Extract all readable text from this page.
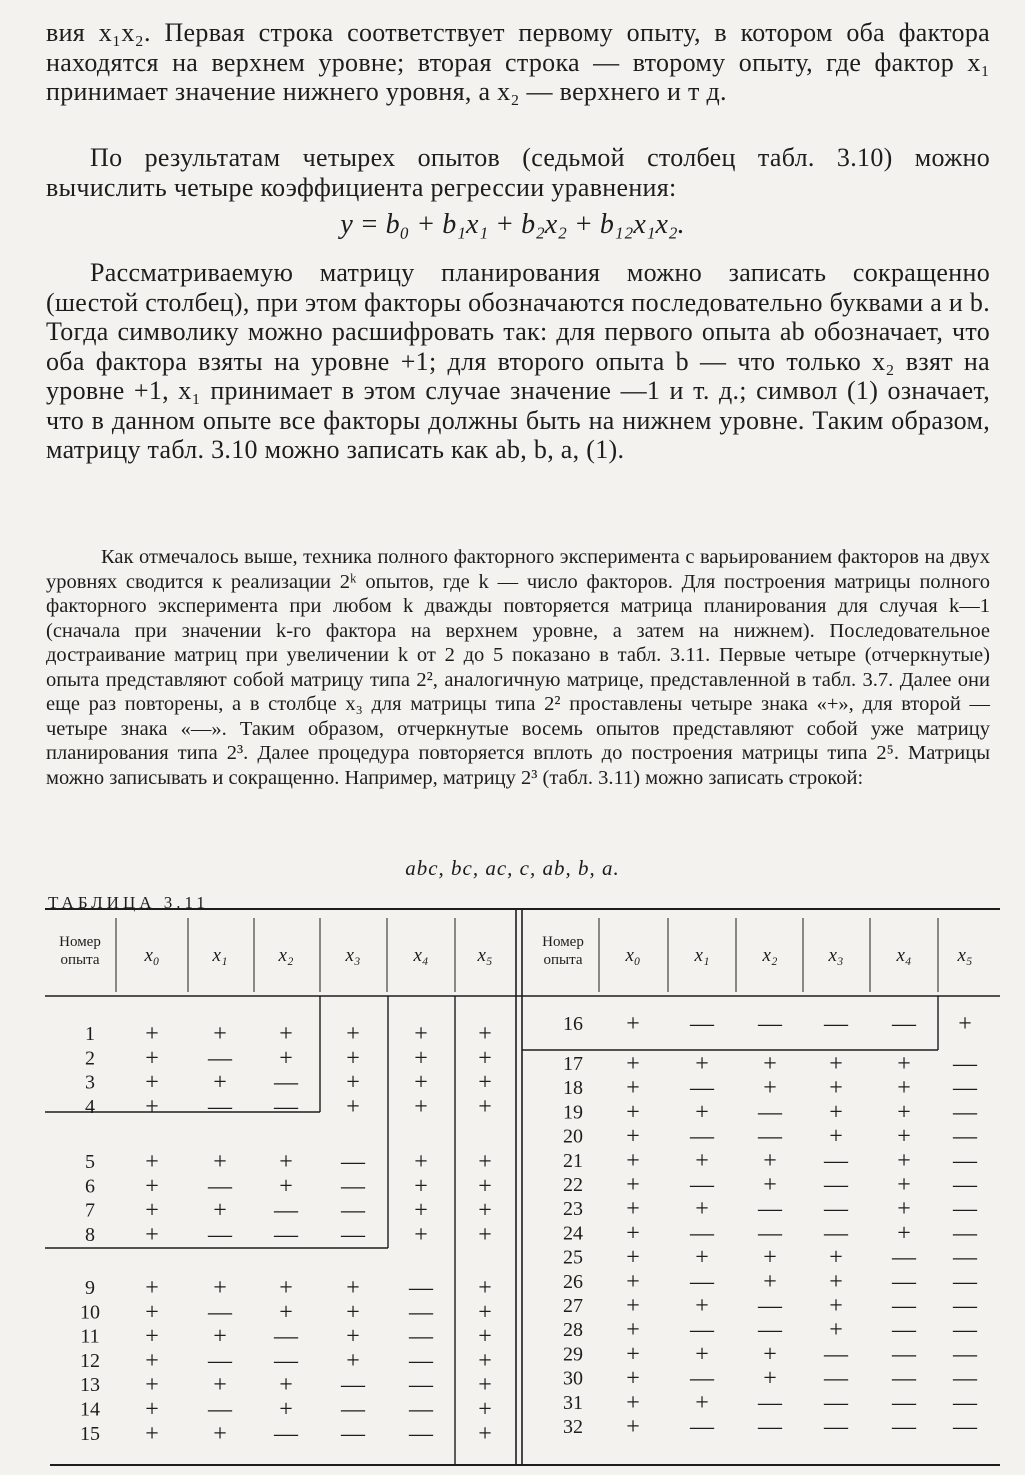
вия x₁x₂. Первая строка соответствует первому опыту, в котором оба фактора находятся на верхнем уровне; вторая строка — второму опыту, где фактор x₁ принимает значение нижнего уровня, а x₂ — верхнего и т д.

По результатам четырех опытов (седьмой столбец табл. 3.10) можно вычислить четыре коэффициента регрессии уравнения:

y = b₀ + b₁x₁ + b₂x₂ + b₁₂x₁x₂.

Рассматриваемую матрицу планирования можно записать сокращенно (шестой столбец), при этом факторы обозначаются последовательно буквами a и b. Тогда символику можно расшифровать так: для первого опыта ab обозначает, что оба фактора взяты на уровне +1; для второго опыта b — что только x₂ взят на уровне +1, x₁ принимает в этом случае значение —1 и т. д.; символ (1) означает, что в данном опыте все факторы должны быть на нижнем уровне. Таким образом, матрицу табл. 3.10 можно записать как ab, b, a, (1).

Как отмечалось выше, техника полного факторного эксперимента с варьированием факторов на двух уровнях сводится к реализации 2ᵏ опытов, где k — число факторов. Для построения матрицы полного факторного эксперимента при любом k дважды повторяется матрица планирования для случая k—1 (сначала при значении k-го фактора на верхнем уровне, а затем на нижнем). Последовательное достраивание матриц при увеличении k от 2 до 5 показано в табл. 3.11. Первые четыре (отчеркнутые) опыта представляют собой матрицу типа 2², аналогичную матрице, представленной в табл. 3.7. Далее они еще раз повторены, а в столбце x₃ для матрицы типа 2² проставлены четыре знака «+», для второй — четыре знака «—». Таким образом, отчеркнутые восемь опытов представляют собой уже матрицу планирования типа 2³. Далее процедура повторяется вплоть до построения матрицы типа 2⁵. Матрицы можно записывать и сокращенно. Например, матрицу 2³ (табл. 3.11) можно записать строкой:

abc, bc, ac, c, ab, b, a.
ТАБЛИЦА 3.11
Номер опыта x₀	x₁	x₂	x₃	x₄	x₅
Номер опыта x₀	x₁	x₂	x₃	x₄ x₅
1 + + + + + +
2 + — + + + +
3 + + — + + +
4 + — — + + +
5 + + + — + +
6 + — + — + +
7 + + — — + +
8 + — — — + +
9 + + + + — +
10 + — + + — +
11 + + — + — +
12 + — — + — +
13 + + + — — +
14 + — + — — +
15 + + — — — +
16 + — — — — +
17 + + + + + —
18 + — + + + —
19 + + — + + —
20 + — — + + —
21 + + + — + —
22 + — + — + —
23 + + — — + —
24 + — — — + —
25 + + + + — —
26 + — + + — —
27 + + — + — —
28 + — — + — —
29 + + + — — —
30 + — + — — —
31 + + — — — —
32 + — — — — —
